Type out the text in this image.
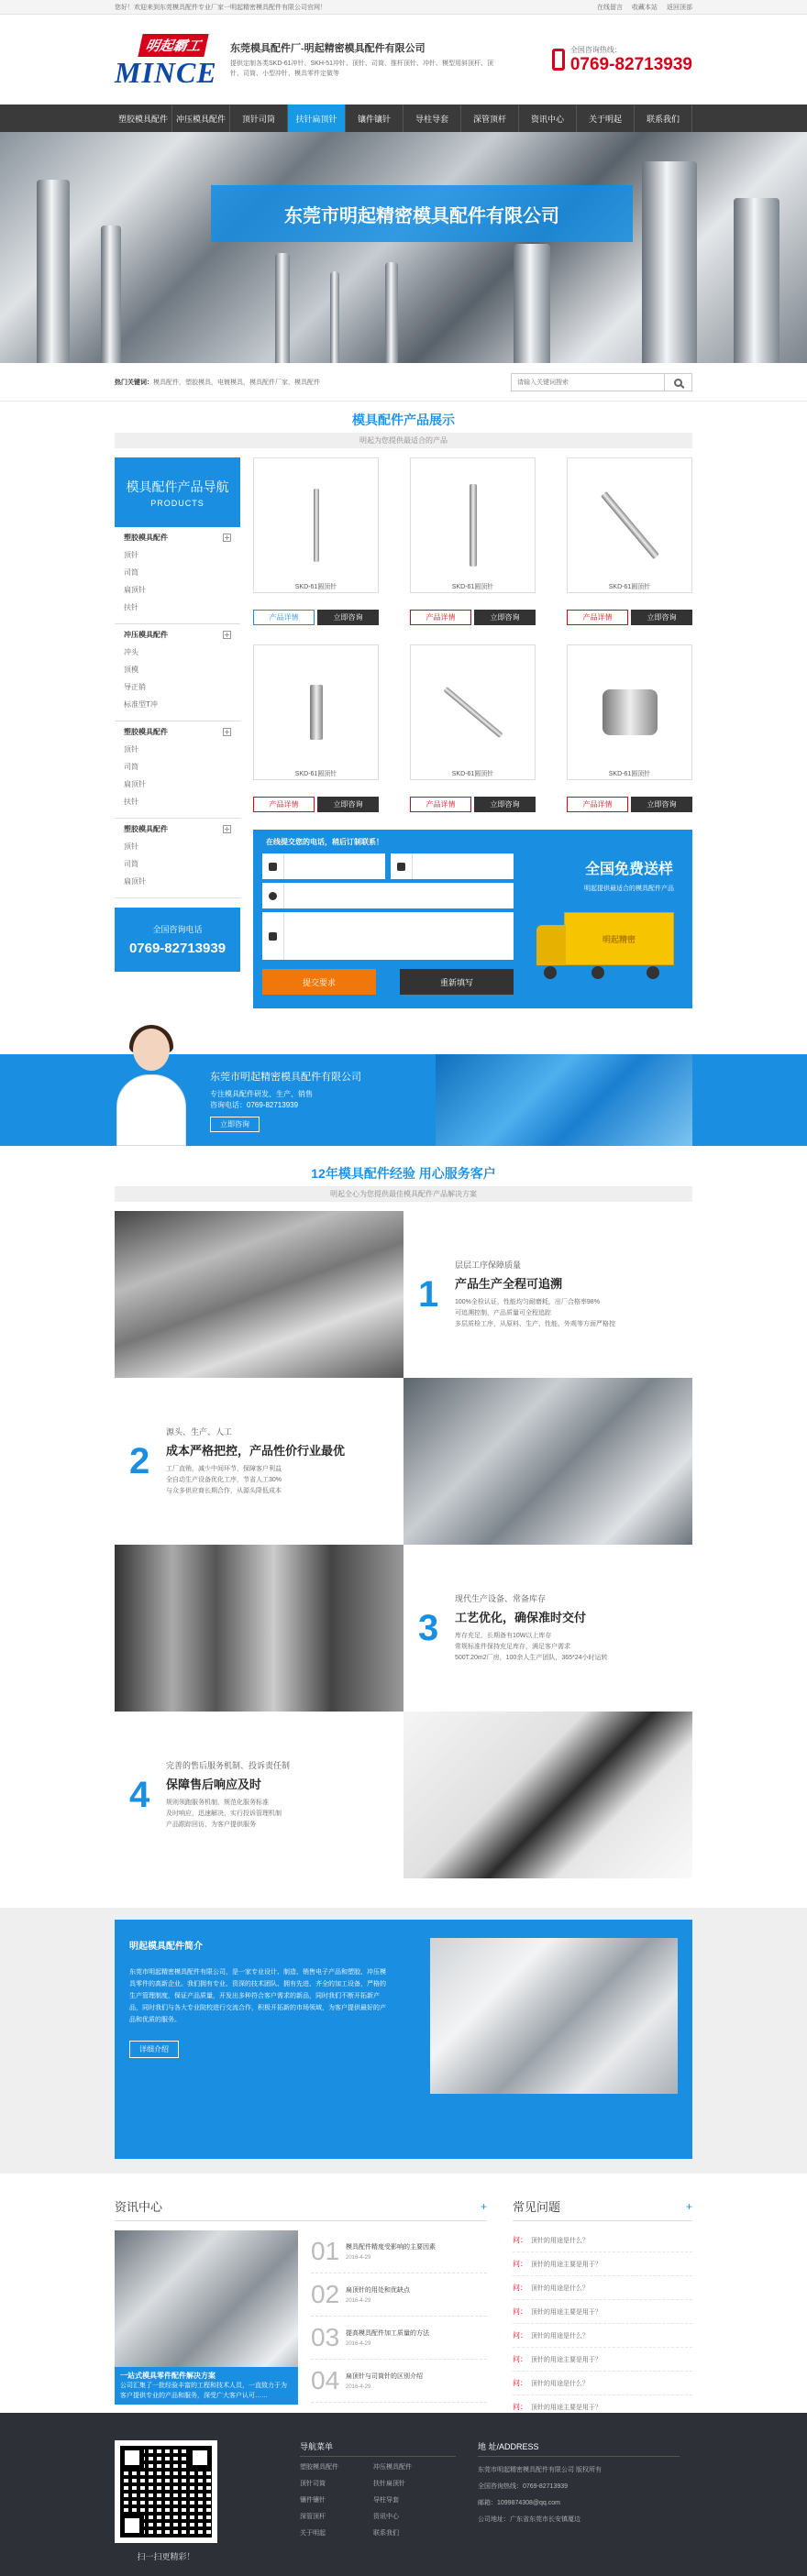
您好！欢迎来到东莞模具配件专业厂家一明起精密模具配件有限公司官网！	在线留言 收藏本站 返回顶部
明起霸工
MINCE
东莞模具配件厂-明起精密模具配件有限公司
提供定制各类SKD-61冲针、SKH-51冲针、顶针、司筒、推杆顶针、冲针、模型用斜顶杆、顶针、司筒、小型冲针、模具零件定做等
全国咨询热线：
0769-82713939
塑胶模具配件 冲压模具配件	顶针司筒	扶针扁顶针	镶件镶针	导柱导套	深管顶杆	资讯中心	关于明起	联系我们
东莞市明起精密模具配件有限公司
热门关键词：模具配件，塑胶模具，电镀模具，模具配件厂家，模具配件
请输入关键词搜索
模具配件产品展示
明起为您提供最适合的产品
模具配件产品导航
PRODUCTS
塑胶模具配件
顶针
司筒
扁顶针
扶针
冲压模具配件
冲头
顶模
导正销
标准型T冲
塑胶模具配件
顶针
司筒
扁顶针
扶针
塑胶模具配件
顶针
司筒
扁顶针
全国咨询电话
0769-82713939
SKD-61圆顶针
产品详情	立即咨询
SKD-61圆顶针
产品详情	立即咨询
SKD-61圆顶针
产品详情	立即咨询
SKD-61圆顶针
产品详情	立即咨询
SKD-61圆顶针
产品详情	立即咨询
SKD-61圆顶针
产品详情	立即咨询
在线提交您的电话，稍后订制联系！
提交要求	重新填写
全国免费送样
明起提供最适合的模具配件产品
明起精密
东莞市明起精密模具配件有限公司
专注模具配件研发、生产、销售
咨询电话：0769-82713939
立即咨询
12年模具配件经验 用心服务客户
明起全心为您提供最佳模具配件产品解决方案
1
层层工序保障质量
产品生产全程可追溯
100%全检认证，性能均匀耐磨耗，出厂合格率98%
可追溯控制，产品质量可全程追踪
多层质检工序，从原料、生产、性能、外观等方面严格控
2
源头、生产、人工
成本严格把控，产品性价行业最优
工厂直销，减少中间环节，保障客户利益
全自动生产设备优化工序，节省人工30%
与众多供应商长期合作，从源头降低成本
3
现代生产设备、常备库存
工艺优化，确保准时交付
库存充足，长期备有10W以上库存
常规标准件保持充足库存，满足客户需求
500T.20m2厂房，100余人生产团队，365*24小时运转
4
完善的售后服务机制、投诉责任制
保障售后响应及时
规则领跑服务机制，规范化服务标准
及时响应，迅速解决，实行投诉管理机制
产品跟踪回访，为客户提供服务
明起模具配件简介
东莞市明起精密模具配件有限公司，是一家专业设计、制造、销售电子产品和塑胶、冲压模具零件的高新企业。我们拥有专业、资深的技术团队、拥有先进、齐全的加工设备，严格的生产管理制度，保证产品质量，开发出多种符合客户需求的新品，同时我们不断开拓新产品，同时我们与各大专业院校进行交流合作，积极开拓新的市场领域，为客户提供最好的产品和优质的服务。
详细介绍
资讯中心	+
一站式模具零件配件解决方案
公司汇集了一批经验丰富的工程和技术人员，一直致力于为客户提供专业的产品和服务，深受广大客户认可……
01 模具配件精度受影响的主要因素
2016-4-29
02 扁顶针的用处和优缺点
2016-4-29
03 提高模具配件加工质量的方法
2016-4-29
04 扁顶针与司筒针的区别介绍
2016-4-29
常见问题	+
问： 顶针的用途是什么？
问： 顶针的用途主要是用于？
问： 顶针的用途是什么？
问： 顶针的用途主要是用于？
问： 顶针的用途是什么？
问： 顶针的用途主要是用于？
问： 顶针的用途是什么？
问： 顶针的用途主要是用于？
扫一扫更精彩！
导航菜单
塑胶模具配件	冲压模具配件
顶针司筒	扶针扁顶针
镶件镶针	导柱导套
深管顶杆	资讯中心
关于明起	联系我们
地 址/ADDRESS
东莞市明起精密模具配件有限公司 版权所有
全国咨询热线：0769-82713939
邮箱：1099874308@qq.com
公司地址：广东省东莞市长安镇厦边
